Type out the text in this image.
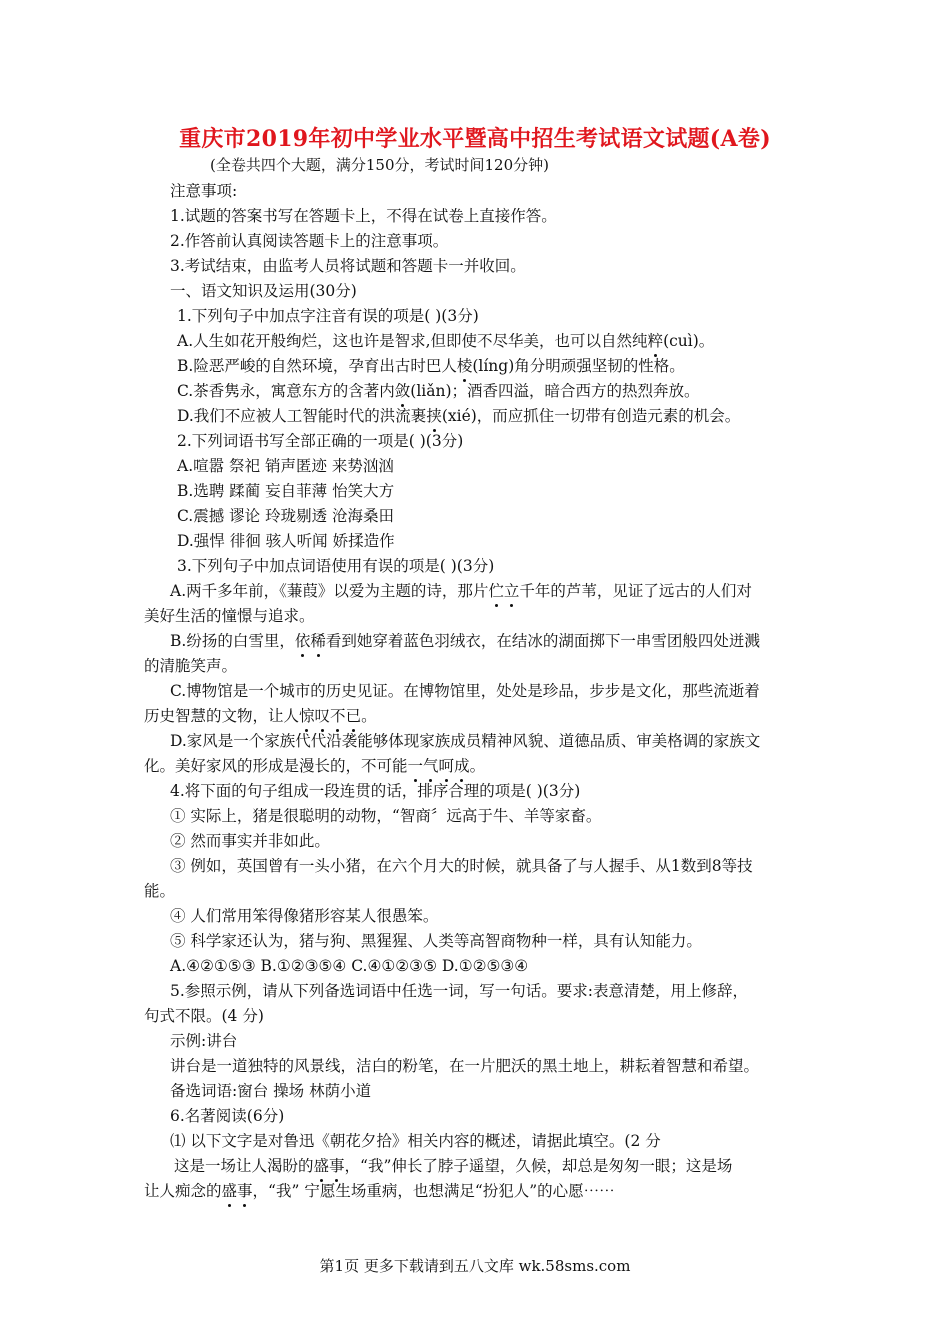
重庆市2019年初中学业水平暨高中招生考试语文试题(A卷)
(全卷共四个大题，满分150分，考试时间120分钟)
注意事项:
1.试题的答案书写在答题卡上，不得在试卷上直接作答。
2.作答前认真阅读答题卡上的注意事项。
3.考试结束，由监考人员将试题和答题卡一并收回。
一、语文知识及运用(30分)
1.下列句子中加点字注音有误的项是( )(3分)
A.人生如花开般绚烂，这也许是智求,但即使不尽华美，也可以自然纯粹(cuì)。
B.险恶严峻的自然环境，孕育出古时巴人棱(líng)角分明顽强坚韧的性格。
C.茶香隽永，寓意东方的含著内敛(liǎn)；酒香四溢，暗合西方的热烈奔放。
D.我们不应被人工智能时代的洪流裹挟(xié)，而应抓住一切带有创造元素的机会。
2.下列词语书写全部正确的一项是( )(3分)
A.喧嚣 祭祀 销声匿迹 来势汹汹
B.选聘 蹂蔺 妄自菲薄 怡笑大方
C.震撼 谬论 玲珑剔透 沧海桑田
D.强悍 徘徊 骇人听闻 娇揉造作
3.下列句子中加点词语使用有误的项是( )(3分)
A.两千多年前，《蒹葭》以爱为主题的诗，那片伫立千年的芦苇，见证了远古的人们对
美好生活的憧憬与追求。
B.纷扬的白雪里，依稀看到她穿着蓝色羽绒衣，在结冰的湖面掷下一串雪团般四处迸溅
的清脆笑声。
C.博物馆是一个城市的历史见证。在博物馆里，处处是珍品，步步是文化，那些流逝着
历史智慧的文物，让人惊叹不已。
D.家风是一个家族代代沿袭能够体现家族成员精神风貌、道德品质、审美格调的家族文
化。美好家风的形成是漫长的，不可能一气呵成。
4.将下面的句子组成一段连贯的话，排序合理的项是( )(3分)
① 实际上，猪是很聪明的动物，“智商〞远高于牛、羊等家畜。
② 然而事实并非如此。
③ 例如，英国曾有一头小猪，在六个月大的时候，就具备了与人握手、从1数到8等技
能。
④ 人们常用笨得像猪形容某人很愚笨。
⑤ 科学家还认为，猪与狗、黑猩猩、人类等高智商物种一样，具有认知能力。
A.④②①⑤③ B.①②③⑤④ C.④①②③⑤ D.①②⑤③④
5.参照示例，请从下列备选词语中任选一词，写一句话。要求:表意清楚，用上修辞，
句式不限。(4 分)
示例:讲台
讲台是一道独特的风景线，洁白的粉笔，在一片肥沃的黑土地上，耕耘着智慧和希望。
备选词语:窗台 操场 林荫小道
6.名著阅读(6分)
⑴ 以下文字是对鲁迅《朝花夕拾》相关内容的概述，请据此填空。(2 分
这是一场让人渴盼的盛事，“我”伸长了脖子遥望，久候，却总是匆匆一眼；这是场
让人痴念的盛事，“我” 宁愿生场重病，也想满足“扮犯人”的心愿⋯⋯
第1页 更多下载请到五八文库 wk.58sms.com
